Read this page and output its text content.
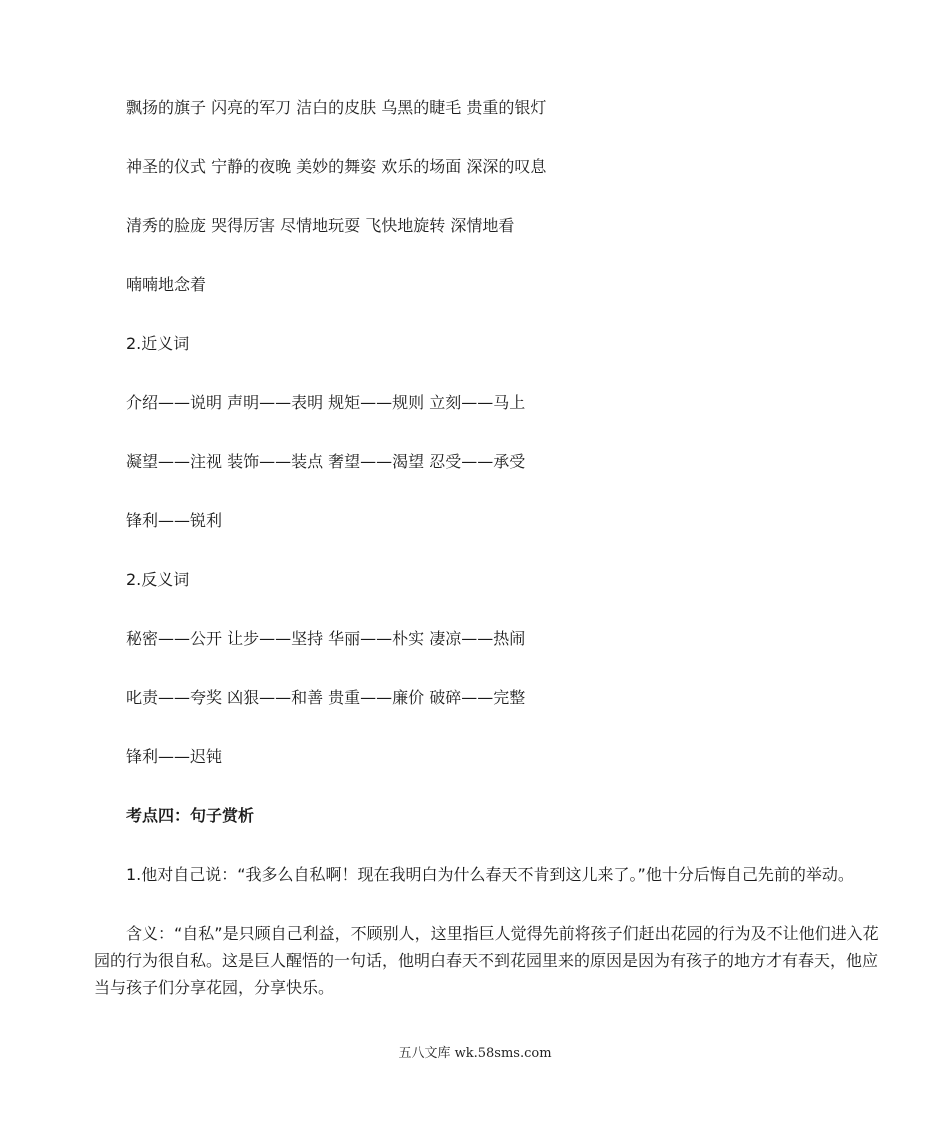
飘扬的旗子 闪亮的军刀 洁白的皮肤 乌黑的睫毛 贵重的银灯
神圣的仪式 宁静的夜晚 美妙的舞姿 欢乐的场面 深深的叹息
清秀的脸庞 哭得厉害 尽情地玩耍 飞快地旋转 深情地看
喃喃地念着
2.近义词
介绍——说明 声明——表明 规矩——规则 立刻——马上
凝望——注视 装饰——装点 奢望——渴望 忍受——承受
锋利——锐利
2.反义词
秘密——公开 让步——坚持 华丽——朴实 凄凉——热闹
叱责——夸奖 凶狠——和善 贵重——廉价 破碎——完整
锋利——迟钝
考点四：句子赏析
1.他对自己说：“我多么自私啊！现在我明白为什么春天不肯到这儿来了。”他十分后悔自己先前的举动。
含义：“自私”是只顾自己利益，不顾别人，这里指巨人觉得先前将孩子们赶出花园的行为及不让他们进入花园的行为很自私。这是巨人醒悟的一句话，他明白春天不到花园里来的原因是因为有孩子的地方才有春天，他应当与孩子们分享花园，分享快乐。
五八文库 wk.58sms.com
